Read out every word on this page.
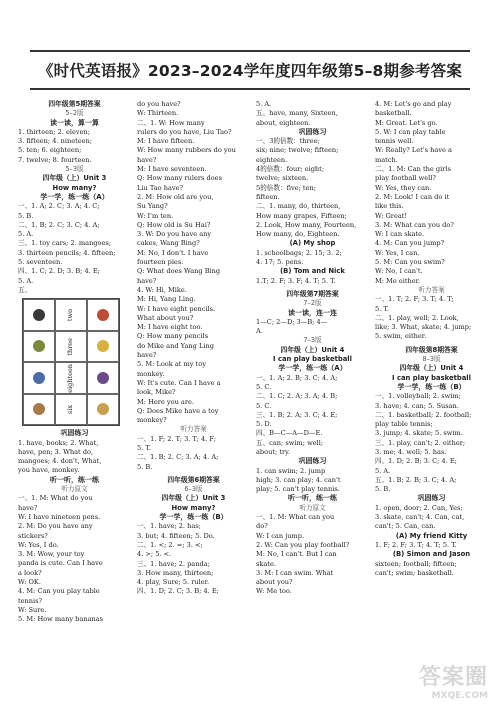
《时代英语报》2023–2024学年度四年级第5–8期参考答案

四年级第5期答案

5–2版

读一读，算一算

1. thirteen; 2. eleven;

3. fifteen; 4. nineteen;

5. ten; 6. eighteen;

7. twelve; 8. fourteen.

5–3版

四年级（上）Unit 3

How many?

学一学，练一练（A）

一、1. A; 2. C; 3. A; 4. C;

5. B.

二、1. B; 2. C; 3. C; 4. A;

5. A.

三、1. toy cars; 2. mangoes;

3. thirteen pencils; 4. fifteen;

5. seventeen.

四、1. C; 2. D; 3. B; 4. E;

5. A.

五、

two
three
eighteen
six

巩固练习

1. have, books; 2. What,

have, pen; 3. What do,

mangoes; 4. don't, What,

you have, monkey.

听一听，练一练

听力原文

一、1. M: What do you

have?

W: I have nineteen pens.

2. M: Do you have any

stickers?

W: Yes, I do.

3. M: Wow, your toy

panda is cute. Can I have

a look?

W: OK.

4. M: Can you play table

tennis?

W: Sure.

5. M: How many bananas

do you have?

W: Thirteen.

二、1. W: How many

rulers do you have, Liu Tao?

M: I have fifteen.

W: How many rubbers do you

have?

M: I have seventeen.

Q: How many rulers does

Liu Tao have?

2. M: How old are you,

Su Yang?

W: I'm ten.

Q: How old is Su Hai?

3. W: Do you have any

cakes, Wang Bing?

M: No, I don't. I have

fourteen pies.

Q: What does Wang Bing

have?

4. W: Hi, Mike.

M: Hi, Yang Ling.

W: I have eight pencils.

What about you?

M: I have eight too.

Q: How many pencils

do Mike and Yang Ling

have?

5. M: Look at my toy

monkey.

W: It's cute. Can I have a

look, Mike?

M: Here you are.

Q: Does Mike have a toy

monkey?

听力答案

一、1. F; 2. T; 3. T; 4. F;

5. T.

二、1. B; 2. C; 3. A; 4. A;

5. B.

四年级第6期答案

6–3版

四年级（上）Unit 3

How many?

学一学，练一练（B）

一、1. have; 2. has;

3. but; 4. fifteen; 5. Do.

二、1. <; 2. =; 3. <;

4. >; 5. <.

三、1. have; 2. panda;

3. How many, thirteen;

4. play, Sure; 5. ruler.

四、1. D; 2. C; 3. B; 4. E;

5. A.

五、have, many, Sixteen,

about, eighteen.

巩固练习

一、3的倍数：three;

six; nine; twelve; fifteen;

eighteen.

4的倍数：four; eight;

twelve; sixteen.

5的倍数：five; ten;

fifteen.

二、1. many, do, thirteen,

How many grapes, Fifteen;

2. Look, How many, Fourteen,

How many, do, Eighteen.

(A) My shop

1. schoolbags; 2. 15; 3. 2;

4. 17; 5. pens.

(B) Tom and Nick

1.T; 2. F; 3. F; 4. T; 5. T.

四年级第7期答案

7–2版

读一读，连一连

1—C; 2—D; 3—B; 4—

A.

7–3版

四年级（上）Unit 4

I can play basketball

学一学，练一练（A）

一、1. A; 2. B; 3. C; 4. A;

5. C.

二、1. C; 2. A; 3. A; 4. B;

5. C.

三、1. B; 2. A; 3. C; 4. E;

5. D.

四、B—C—A—D—E.

五、can; swim; well;

about; try.

巩固练习

1. can swim; 2. jump

high; 3. can play; 4. can't

play; 5. can't play tennis.

听一听，练一练

听力原文

一、1. M: What can you

do?

W: I can jump.

2. W: Can you play football?

M: No, I can't. But I can

skate.

3. M: I can swim. What

about you?

W: Me too.

4. M: Let's go and play

basketball.

M: Great. Let's go.

5. W: I can play table

tennis well.

W: Really? Let's have a

match.

二、1. M: Can the girls

play football well?

W: Yes, they can.

2. M: Look! I can do it

like this.

W: Great!

3. M: What can you do?

W: I can skate.

4. M: Can you jump?

W: Yes, I can.

5. M: Can you swim?

W: No, I can't.

M: Me either.

听力答案

一、1. T; 2. F; 3. T; 4. T;

5. T.

二、1. play, well; 2. Look,

like; 3. What, skate; 4. jump;

5. swim, either.

四年级第8期答案

8–3版

四年级（上）Unit 4

I can play basketball

学一学，练一练（B）

一、1. volleyball; 2. swim;

3. have; 4. can; 5. Susan.

二、1. basketball; 2. football;

play table tennis;

3. jump; 4. skate; 5. swim.

三、1. play, can't; 2. either;

3. me; 4. well; 5. has.

四、1. D; 2. B; 3. C; 4. E;

5. A.

五、1. B; 2. B; 3. C; 4. A;

5. B.

巩固练习

1. open, door; 2. Can, Yes;

3. skate, can't; 4. Can, cat,

can't; 5. Can, can.

(A) My friend Kitty

1. F; 2. F; 3. T; 4. T; 5. T.

(B) Simon and Jason

sixteen; football; fifteen;

can't; swim; basketball.

答案圈
MXQE.COM
